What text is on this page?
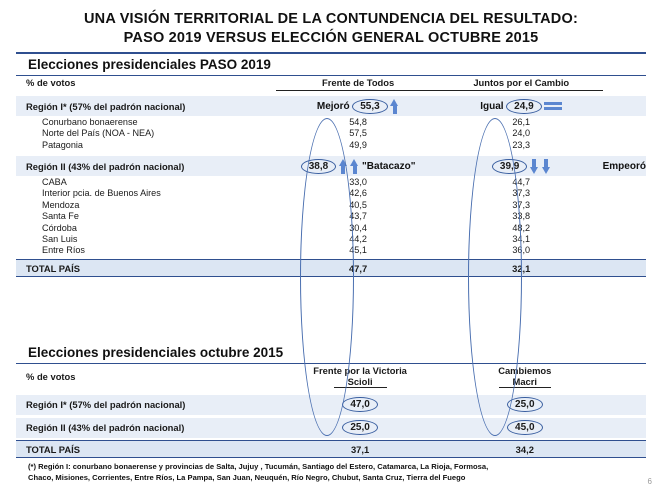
UNA VISIÓN TERRITORIAL DE LA CONTUNDENCIA DEL RESULTADO:
PASO 2019 VERSUS ELECCIÓN GENERAL OCTUBRE 2015
Elecciones presidenciales PASO 2019
% de votos	Frente de Todos	Juntos por el Cambio	

Región I* (57% del padrón nacional)	Mejoró 55,3	Igual 24,9

Conurbano bonaerense	54,8	26,1	
Norte del País (NOA - NEA)	57,5	24,0	
Patagonia	49,9	23,3	

Región II (43% del padrón nacional)	38,8 "Batacazo"	39,9	Empeoró
CABA	33,0	44,7	
Interior pcia. de Buenos Aires	42,6	37,3	
Mendoza	40,5	37,3	
Santa Fe	43,7	33,8	
Córdoba	30,4	48,2	
San Luis	44,2	34,1	
Entre Ríos	45,1	36,0	

TOTAL PAÍS	47,7	32,1	
Elecciones presidenciales octubre 2015
% de votos	
Frente por la Victoria
Scioli	
Cambiemos
Macri	

Región I* (57% del padrón nacional)	47,0	25,0	

Región II (43% del padrón nacional)	25,0	45,0	

TOTAL PAÍS	37,1	34,2	
(*) Región I: conurbano bonaerense y provincias de Salta, Jujuy , Tucumán, Santiago del Estero, Catamarca, La Rioja, Formosa,
Chaco, Misiones, Corrientes, Entre Ríos, La Pampa, San Juan, Neuquén, Río Negro, Chubut, Santa Cruz, Tierra del Fuego	6
